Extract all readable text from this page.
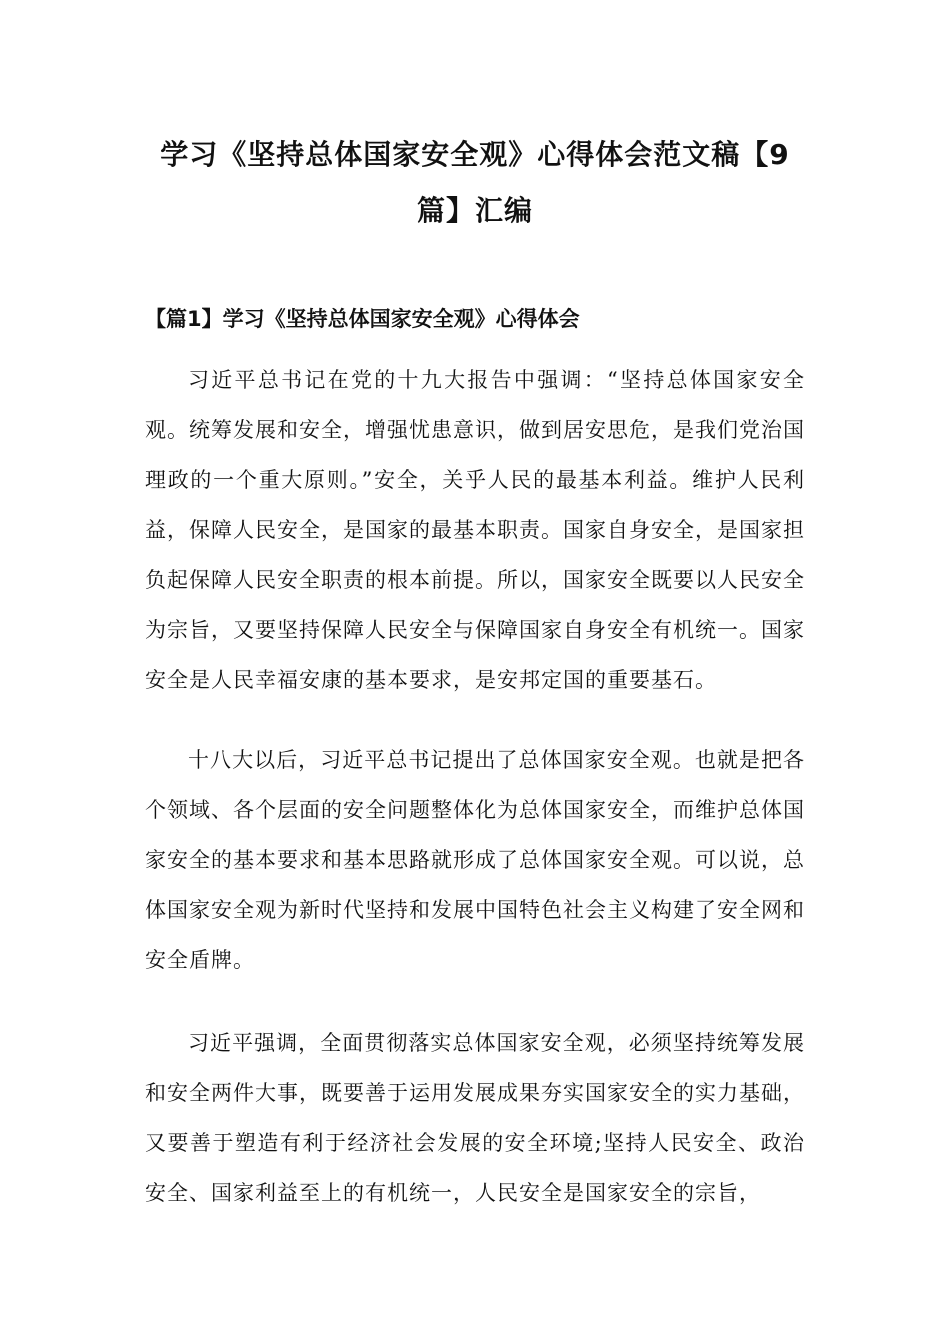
学习《坚持总体国家安全观》心得体会范文稿【9篇】汇编
【篇1】学习《坚持总体国家安全观》心得体会

习近平总书记在党的十九大报告中强调：“坚持总体国家安全观。统筹发展和安全，增强忧患意识，做到居安思危，是我们党治国理政的一个重大原则。”安全，关乎人民的最基本利益。维护人民利益，保障人民安全，是国家的最基本职责。国家自身安全，是国家担负起保障人民安全职责的根本前提。所以，国家安全既要以人民安全为宗旨，又要坚持保障人民安全与保障国家自身安全有机统一。国家安全是人民幸福安康的基本要求，是安邦定国的重要基石。

十八大以后，习近平总书记提出了总体国家安全观。也就是把各个领域、各个层面的安全问题整体化为总体国家安全，而维护总体国家安全的基本要求和基本思路就形成了总体国家安全观。可以说，总体国家安全观为新时代坚持和发展中国特色社会主义构建了安全网和安全盾牌。

习近平强调，全面贯彻落实总体国家安全观，必须坚持统筹发展和安全两件大事，既要善于运用发展成果夯实国家安全的实力基础，又要善于塑造有利于经济社会发展的安全环境;坚持人民安全、政治安全、国家利益至上的有机统一，人民安全是国家安全的宗旨，
